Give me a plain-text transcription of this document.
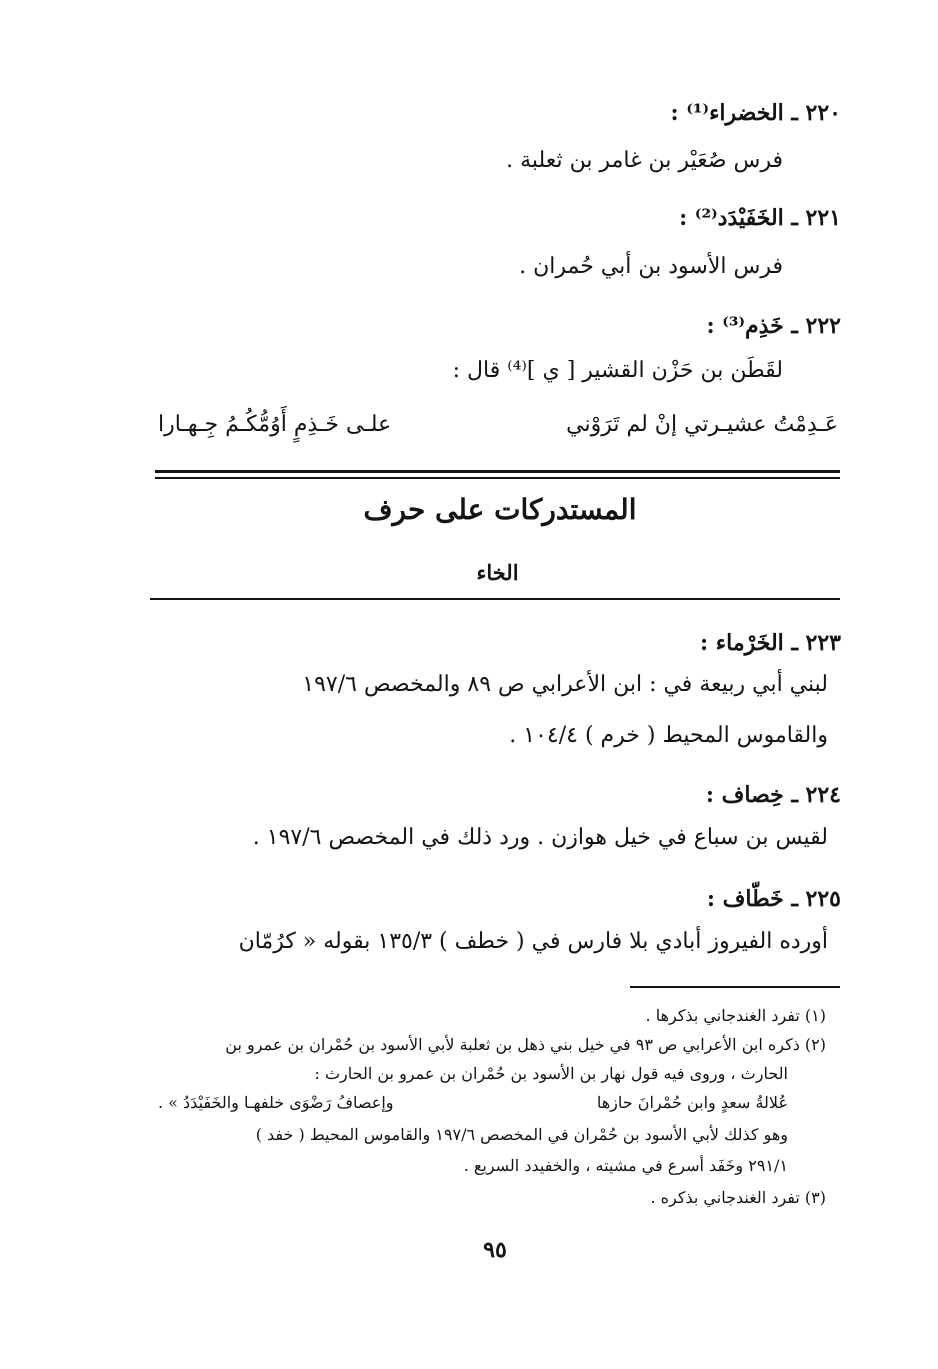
٢٢٠ ـ الخضراء⁽¹⁾ :
فرس صُعَيْر بن غامر بن ثعلبة .
٢٢١ ـ الخَفَيْدَد⁽²⁾ :
فرس الأسود بن أبي حُمران .
٢٢٢ ـ خَذِم⁽³⁾ :
لقَطَن بن حَزْن القشير [ ي ]⁽⁴⁾ قال :
عَـدِمْتُ عشيـرتي إنْ لم تَرَوْني
علـى خَـذِمٍ أَوُمُّكُـمُ جِـهـارا
المستدركات على حرف
الخاء
٢٢٣ ـ الخَرْماء :
لبني أبي ربيعة في : ابن الأعرابي ص ٨٩ والمخصص ١٩٧/٦
والقاموس المحيط ( خرم ) ١٠٤/٤ .
٢٢٤ ـ خِصاف :
لقيس بن سباع في خيل هوازن . ورد ذلك في المخصص ١٩٧/٦ .
٢٢٥ ـ خَطّاف :
أورده الفيروز أبادي بلا فارس في ( خطف ) ١٣٥/٣ بقوله « كرُمّان
(١) تفرد الغندجاني بذكرها .
(٢) ذكره ابن الأعرابي ص ٩٣ في خيل بني ذهل بن ثعلبة لأبي الأسود بن حُمْران بن عمرو بن
الحارث ، وروى فيه قول نهار بن الأسود بن حُمْران بن عمرو بن الحارث :
عُلالةُ سعدٍ وابن حُمْرانَ حازها
وإعصافُ رَضْوَى خلفهـا والخَفَيْدَدُ » .
وهو كذلك لأبي الأسود بن حُمْران في المخصص ١٩٧/٦ والقاموس المحيط ( خفد )
٢٩١/١ وخَفَد أسرع في مشيته ، والخفيدد السريع .
(٣) تفرد الغندجاني بذكره .
٩٥
